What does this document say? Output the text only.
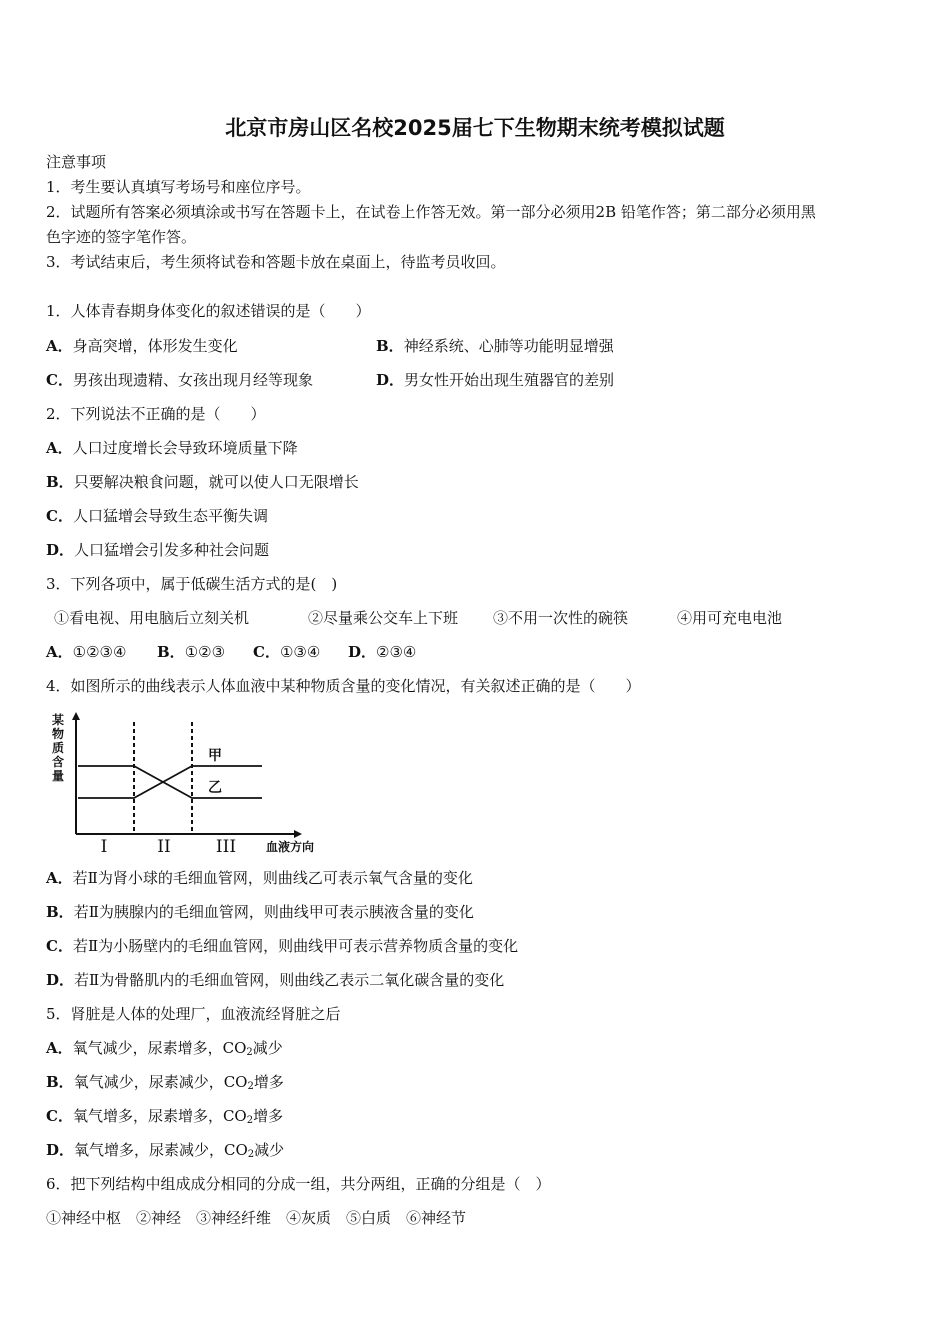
北京市房山区名校2025届七下生物期末统考模拟试题
注意事项
1．考生要认真填写考场号和座位序号。
2．试题所有答案必须填涂或书写在答题卡上，在试卷上作答无效。第一部分必须用2B 铅笔作答；第二部分必须用黑
色字迹的签字笔作答。
3．考试结束后，考生须将试卷和答题卡放在桌面上，待监考员收回。
1．人体青春期身体变化的叙述错误的是（　　）
A．身高突增，体形发生变化	B．神经系统、心肺等功能明显增强
C．男孩出现遗精、女孩出现月经等现象	D．男女性开始出现生殖器官的差别
2．下列说法不正确的是（　　）
A．人口过度增长会导致环境质量下降
B．只要解决粮食问题，就可以使人口无限增长
C．人口猛增会导致生态平衡失调
D．人口猛增会引发多种社会问题
3．下列各项中，属于低碳生活方式的是(　)
①看电视、用电脑后立刻关机	②尽量乘公交车上下班 ③不用一次性的碗筷	④用可充电电池
A．①②③④ B．①②③ C．①③④ D．②③④
4．如图所示的曲线表示人体血液中某种物质含量的变化情况，有关叙述正确的是（　　）
某
物
质
含
量
甲
乙
I	II	III 血液方向
A．若Ⅱ为肾小球的毛细血管网，则曲线乙可表示氧气含量的变化
B．若Ⅱ为胰腺内的毛细血管网，则曲线甲可表示胰液含量的变化
C．若Ⅱ为小肠壁内的毛细血管网，则曲线甲可表示营养物质含量的变化
D．若Ⅱ为骨骼肌内的毛细血管网，则曲线乙表示二氧化碳含量的变化
5．肾脏是人体的处理厂，血液流经肾脏之后
A．氧气减少，尿素增多，$CO_2$减少
B．氧气减少，尿素减少，$CO_2$增多
C．氧气增多，尿素增多，$CO_2$增多
D．氧气增多，尿素减少，$CO_2$减少
6．把下列结构中组成成分相同的分成一组，共分两组，正确的分组是（　）
①神经中枢　②神经　③神经纤维　④灰质　⑤白质　⑥神经节
